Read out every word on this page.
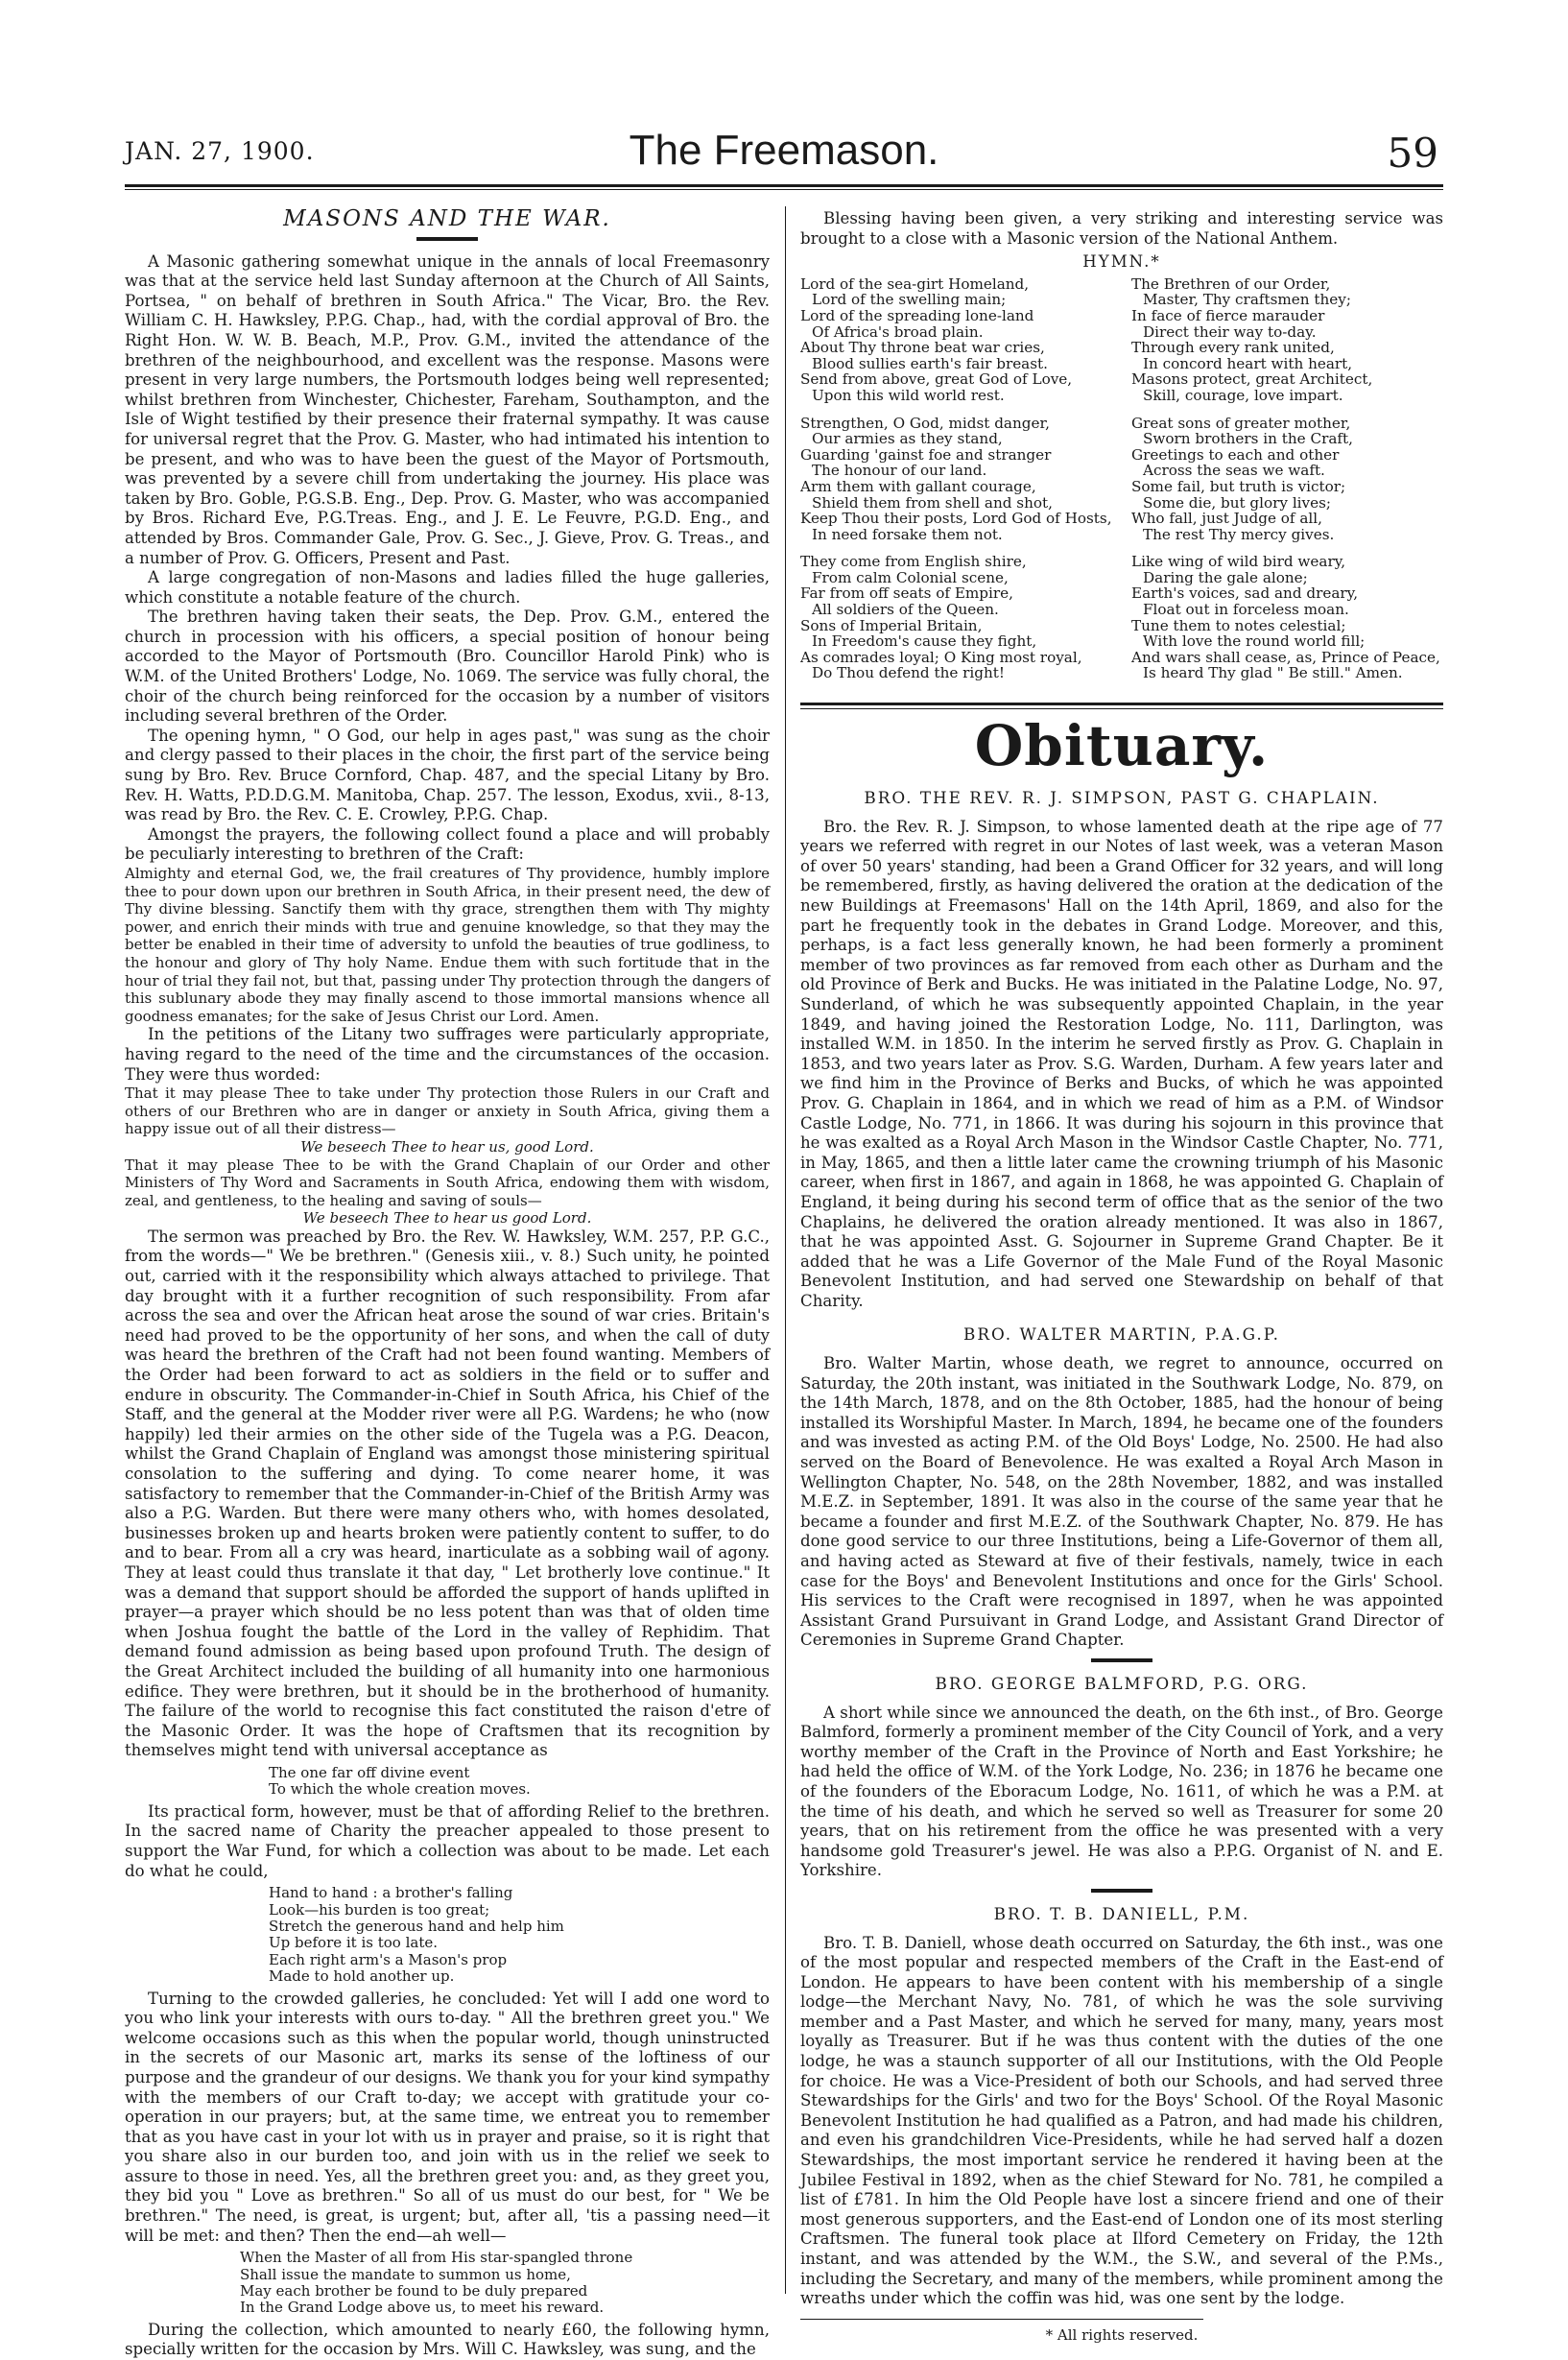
JAN. 27, 1900.	The Freemason.	59
MASONS AND THE WAR.

A Masonic gathering somewhat unique in the annals of local Freemasonry was that at the service held last Sunday afternoon at the Church of All Saints, Portsea, " on behalf of brethren in South Africa." The Vicar, Bro. the Rev. William C. H. Hawksley, P.P.G. Chap., had, with the cordial approval of Bro. the Right Hon. W. W. B. Beach, M.P., Prov. G.M., invited the attendance of the brethren of the neighbourhood, and excellent was the response. Masons were present in very large numbers, the Portsmouth lodges being well represented; whilst brethren from Winchester, Chichester, Fareham, Southampton, and the Isle of Wight testified by their presence their fraternal sympathy. It was cause for universal regret that the Prov. G. Master, who had intimated his intention to be present, and who was to have been the guest of the Mayor of Portsmouth, was prevented by a severe chill from undertaking the journey. His place was taken by Bro. Goble, P.G.S.B. Eng., Dep. Prov. G. Master, who was accompanied by Bros. Richard Eve, P.G.Treas. Eng., and J. E. Le Feuvre, P.G.D. Eng., and attended by Bros. Commander Gale, Prov. G. Sec., J. Gieve, Prov. G. Treas., and a number of Prov. G. Officers, Present and Past.

A large congregation of non-Masons and ladies filled the huge galleries, which constitute a notable feature of the church.

The brethren having taken their seats, the Dep. Prov. G.M., entered the church in procession with his officers, a special position of honour being accorded to the Mayor of Portsmouth (Bro. Councillor Harold Pink) who is W.M. of the United Brothers' Lodge, No. 1069. The service was fully choral, the choir of the church being reinforced for the occasion by a number of visitors including several brethren of the Order.

The opening hymn, " O God, our help in ages past," was sung as the choir and clergy passed to their places in the choir, the first part of the service being sung by Bro. Rev. Bruce Cornford, Chap. 487, and the special Litany by Bro. Rev. H. Watts, P.D.D.G.M. Manitoba, Chap. 257. The lesson, Exodus, xvii., 8-13, was read by Bro. the Rev. C. E. Crowley, P.P.G. Chap.

Amongst the prayers, the following collect found a place and will probably be peculiarly interesting to brethren of the Craft:

Almighty and eternal God, we, the frail creatures of Thy providence, humbly implore thee to pour down upon our brethren in South Africa, in their present need, the dew of Thy divine blessing. Sanctify them with thy grace, strengthen them with Thy mighty power, and enrich their minds with true and genuine knowledge, so that they may the better be enabled in their time of adversity to unfold the beauties of true godliness, to the honour and glory of Thy holy Name. Endue them with such fortitude that in the hour of trial they fail not, but that, passing under Thy protection through the dangers of this sublunary abode they may finally ascend to those immortal mansions whence all goodness emanates; for the sake of Jesus Christ our Lord. Amen.

In the petitions of the Litany two suffrages were particularly appropriate, having regard to the need of the time and the circumstances of the occasion. They were thus worded:

That it may please Thee to take under Thy protection those Rulers in our Craft and others of our Brethren who are in danger or anxiety in South Africa, giving them a happy issue out of all their distress—

We beseech Thee to hear us, good Lord.

That it may please Thee to be with the Grand Chaplain of our Order and other Ministers of Thy Word and Sacraments in South Africa, endowing them with wisdom, zeal, and gentleness, to the healing and saving of souls—

We beseech Thee to hear us good Lord.

The sermon was preached by Bro. the Rev. W. Hawksley, W.M. 257, P.P. G.C., from the words—" We be brethren." (Genesis xiii., v. 8.) Such unity, he pointed out, carried with it the responsibility which always attached to privilege. That day brought with it a further recognition of such responsibility. From afar across the sea and over the African heat arose the sound of war cries. Britain's need had proved to be the opportunity of her sons, and when the call of duty was heard the brethren of the Craft had not been found wanting. Members of the Order had been forward to act as soldiers in the field or to suffer and endure in obscurity. The Commander-in-Chief in South Africa, his Chief of the Staff, and the general at the Modder river were all P.G. Wardens; he who (now happily) led their armies on the other side of the Tugela was a P.G. Deacon, whilst the Grand Chaplain of England was amongst those ministering spiritual consolation to the suffering and dying. To come nearer home, it was satisfactory to remember that the Commander-in-Chief of the British Army was also a P.G. Warden. But there were many others who, with homes desolated, businesses broken up and hearts broken were patiently content to suffer, to do and to bear. From all a cry was heard, inarticulate as a sobbing wail of agony. They at least could thus translate it that day, " Let brotherly love continue." It was a demand that support should be afforded the support of hands uplifted in prayer—a prayer which should be no less potent than was that of olden time when Joshua fought the battle of the Lord in the valley of Rephidim. That demand found admission as being based upon profound Truth. The design of the Great Architect included the building of all humanity into one harmonious edifice. They were brethren, but it should be in the brotherhood of humanity. The failure of the world to recognise this fact constituted the raison d'etre of the Masonic Order. It was the hope of Craftsmen that its recognition by themselves might tend with universal acceptance as

The one far off divine event
To which the whole creation moves.

Its practical form, however, must be that of affording Relief to the brethren. In the sacred name of Charity the preacher appealed to those present to support the War Fund, for which a collection was about to be made. Let each do what he could,

Hand to hand : a brother's falling
Look—his burden is too great;
Stretch the generous hand and help him
Up before it is too late.
Each right arm's a Mason's prop
Made to hold another up.

Turning to the crowded galleries, he concluded: Yet will I add one word to you who link your interests with ours to-day. " All the brethren greet you." We welcome occasions such as this when the popular world, though uninstructed in the secrets of our Masonic art, marks its sense of the loftiness of our purpose and the grandeur of our designs. We thank you for your kind sympathy with the members of our Craft to-day; we accept with gratitude your co-operation in our prayers; but, at the same time, we entreat you to remember that as you have cast in your lot with us in prayer and praise, so it is right that you share also in our burden too, and join with us in the relief we seek to assure to those in need. Yes, all the brethren greet you: and, as they greet you, they bid you " Love as brethren." So all of us must do our best, for " We be brethren." The need, is great, is urgent; but, after all, 'tis a passing need—it will be met: and then? Then the end—ah well—

When the Master of all from His star-spangled throne
Shall issue the mandate to summon us home,
May each brother be found to be duly prepared
In the Grand Lodge above us, to meet his reward.

During the collection, which amounted to nearly £60, the following hymn, specially written for the occasion by Mrs. Will C. Hawksley, was sung, and the

Blessing having been given, a very striking and interesting service was brought to a close with a Masonic version of the National Anthem.

HYMN.*
Lord of the sea-girt Homeland,
Lord of the swelling main;
Lord of the spreading lone-land
Of Africa's broad plain.
About Thy throne beat war cries,
Blood sullies earth's fair breast.
Send from above, great God of Love,
Upon this wild world rest.
Strengthen, O God, midst danger,
Our armies as they stand,
Guarding 'gainst foe and stranger
The honour of our land.
Arm them with gallant courage,
Shield them from shell and shot,
Keep Thou their posts, Lord God of Hosts,
In need forsake them not.
They come from English shire,
From calm Colonial scene,
Far from off seats of Empire,
All soldiers of the Queen.
Sons of Imperial Britain,
In Freedom's cause they fight,
As comrades loyal; O King most royal,
Do Thou defend the right!
The Brethren of our Order,
Master, Thy craftsmen they;
In face of fierce marauder
Direct their way to-day.
Through every rank united,
In concord heart with heart,
Masons protect, great Architect,
Skill, courage, love impart.
Great sons of greater mother,
Sworn brothers in the Craft,
Greetings to each and other
Across the seas we waft.
Some fail, but truth is victor;
Some die, but glory lives;
Who fall, just Judge of all,
The rest Thy mercy gives.
Like wing of wild bird weary,
Daring the gale alone;
Earth's voices, sad and dreary,
Float out in forceless moan.
Tune them to notes celestial;
With love the round world fill;
And wars shall cease, as, Prince of Peace,
Is heard Thy glad " Be still." Amen.
Obituary.
BRO. THE REV. R. J. SIMPSON, PAST G. CHAPLAIN.

Bro. the Rev. R. J. Simpson, to whose lamented death at the ripe age of 77 years we referred with regret in our Notes of last week, was a veteran Mason of over 50 years' standing, had been a Grand Officer for 32 years, and will long be remembered, firstly, as having delivered the oration at the dedication of the new Buildings at Freemasons' Hall on the 14th April, 1869, and also for the part he frequently took in the debates in Grand Lodge. Moreover, and this, perhaps, is a fact less generally known, he had been formerly a prominent member of two provinces as far removed from each other as Durham and the old Province of Berk and Bucks. He was initiated in the Palatine Lodge, No. 97, Sunderland, of which he was subsequently appointed Chaplain, in the year 1849, and having joined the Restoration Lodge, No. 111, Darlington, was installed W.M. in 1850. In the interim he served firstly as Prov. G. Chaplain in 1853, and two years later as Prov. S.G. Warden, Durham. A few years later and we find him in the Province of Berks and Bucks, of which he was appointed Prov. G. Chaplain in 1864, and in which we read of him as a P.M. of Windsor Castle Lodge, No. 771, in 1866. It was during his sojourn in this province that he was exalted as a Royal Arch Mason in the Windsor Castle Chapter, No. 771, in May, 1865, and then a little later came the crowning triumph of his Masonic career, when first in 1867, and again in 1868, he was appointed G. Chaplain of England, it being during his second term of office that as the senior of the two Chaplains, he delivered the oration already mentioned. It was also in 1867, that he was appointed Asst. G. Sojourner in Supreme Grand Chapter. Be it added that he was a Life Governor of the Male Fund of the Royal Masonic Benevolent Institution, and had served one Stewardship on behalf of that Charity.

BRO. WALTER MARTIN, P.A.G.P.

Bro. Walter Martin, whose death, we regret to announce, occurred on Saturday, the 20th instant, was initiated in the Southwark Lodge, No. 879, on the 14th March, 1878, and on the 8th October, 1885, had the honour of being installed its Worshipful Master. In March, 1894, he became one of the founders and was invested as acting P.M. of the Old Boys' Lodge, No. 2500. He had also served on the Board of Benevolence. He was exalted a Royal Arch Mason in Wellington Chapter, No. 548, on the 28th November, 1882, and was installed M.E.Z. in September, 1891. It was also in the course of the same year that he became a founder and first M.E.Z. of the Southwark Chapter, No. 879. He has done good service to our three Institutions, being a Life-Governor of them all, and having acted as Steward at five of their festivals, namely, twice in each case for the Boys' and Benevolent Institutions and once for the Girls' School. His services to the Craft were recognised in 1897, when he was appointed Assistant Grand Pursuivant in Grand Lodge, and Assistant Grand Director of Ceremonies in Supreme Grand Chapter.

BRO. GEORGE BALMFORD, P.G. ORG.

A short while since we announced the death, on the 6th inst., of Bro. George Balmford, formerly a prominent member of the City Council of York, and a very worthy member of the Craft in the Province of North and East Yorkshire; he had held the office of W.M. of the York Lodge, No. 236; in 1876 he became one of the founders of the Eboracum Lodge, No. 1611, of which he was a P.M. at the time of his death, and which he served so well as Treasurer for some 20 years, that on his retirement from the office he was presented with a very handsome gold Treasurer's jewel. He was also a P.P.G. Organist of N. and E. Yorkshire.

BRO. T. B. DANIELL, P.M.

Bro. T. B. Daniell, whose death occurred on Saturday, the 6th inst., was one of the most popular and respected members of the Craft in the East-end of London. He appears to have been content with his membership of a single lodge—the Merchant Navy, No. 781, of which he was the sole surviving member and a Past Master, and which he served for many, many, years most loyally as Treasurer. But if he was thus content with the duties of the one lodge, he was a staunch supporter of all our Institutions, with the Old People for choice. He was a Vice-President of both our Schools, and had served three Stewardships for the Girls' and two for the Boys' School. Of the Royal Masonic Benevolent Institution he had qualified as a Patron, and had made his children, and even his grandchildren Vice-Presidents, while he had served half a dozen Stewardships, the most important service he rendered it having been at the Jubilee Festival in 1892, when as the chief Steward for No. 781, he compiled a list of £781. In him the Old People have lost a sincere friend and one of their most generous supporters, and the East-end of London one of its most sterling Craftsmen. The funeral took place at Ilford Cemetery on Friday, the 12th instant, and was attended by the W.M., the S.W., and several of the P.Ms., including the Secretary, and many of the members, while prominent among the wreaths under which the coffin was hid, was one sent by the lodge.

* All rights reserved.
